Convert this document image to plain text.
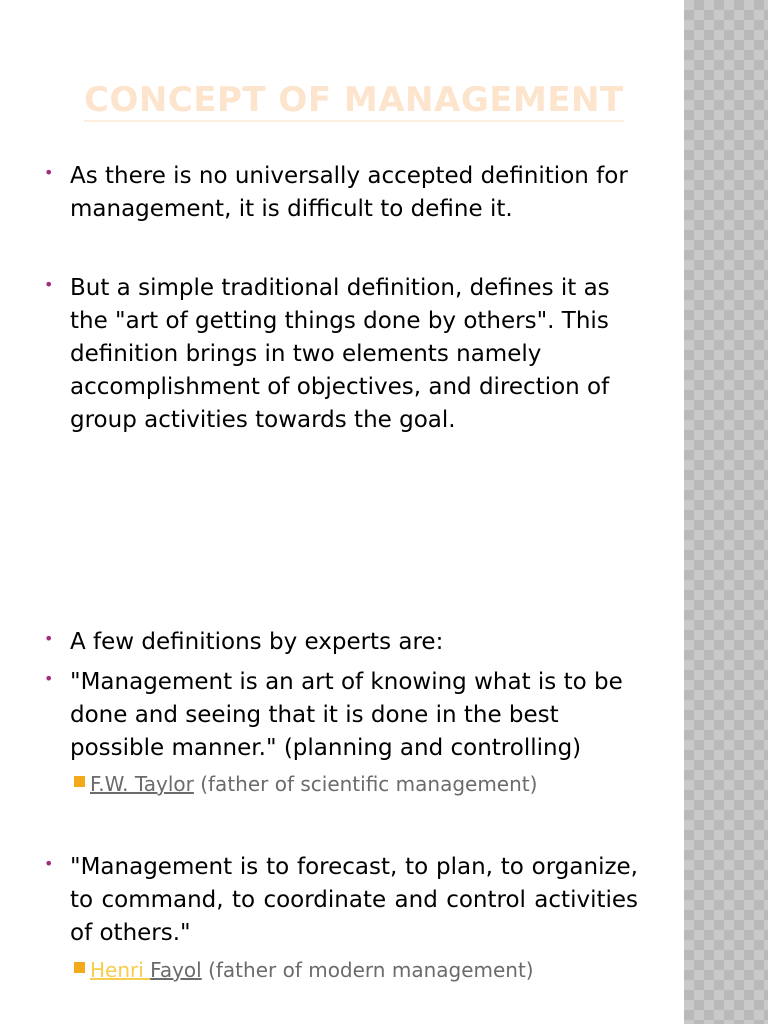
CONCEPT OF MANAGEMENT
• As there is no universally accepted definition for management, it is difficult to define it.
• But a simple traditional definition, defines it as the "art of getting things done by others". This definition brings in two elements namely accomplishment of objectives, and direction of group activities towards the goal.
• A few definitions by experts are:
• "Management is an art of knowing what is to be done and seeing that it is done in the best possible manner." (planning and controlling)
F.W. Taylor (father of scientific management)
• "Management is to forecast, to plan, to organize, to command, to coordinate and control activities of others."
Henri Fayol (father of modern management)
